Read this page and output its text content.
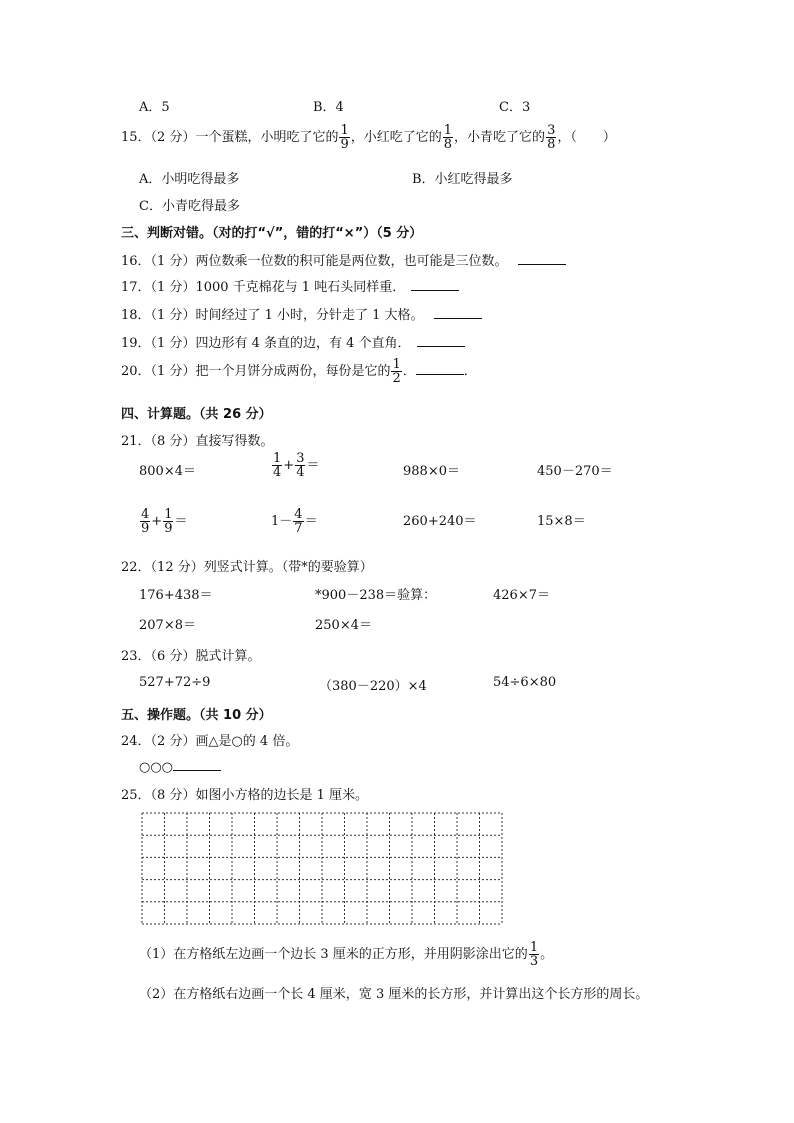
A．5	B．4	C．3
15．（2 分）一个蛋糕，小明吃了它的 $\frac{1}{9}$ ，小红吃了它的 $\frac{1}{8}$ ，小青吃了它的 $\frac{3}{8}$ ，（　　）
A．小明吃得最多	B．小红吃得最多
C．小青吃得最多
三、判断对错。（对的打“√”，错的打“×”）（5 分）
16．（1 分）两位数乘一位数的积可能是两位数，也可能是三位数。
17．（1 分）1000 千克棉花与 1 吨石头同样重．
18．（1 分）时间经过了 1 小时，分针走了 1 大格。
19．（1 分）四边形有 4 条直的边，有 4 个直角．
20．（1 分）把一个月饼分成两份，每份是它的 $\frac{1}{2}$ ．	．
四、计算题。（共 26 分）
21．（8 分）直接写得数。
800×4＝	$\frac{1}{4} + \frac{3}{4}$ ＝	988×0＝	450－270＝
$\frac{4}{9} + \frac{1}{9}$ ＝	$1- \frac{4}{7}$ ＝	260+240＝	15×8＝
22．（12 分）列竖式计算。（带*的要验算）
176+438＝	*900－238＝验算：	426×7＝
207×8＝	250×4＝
23．（6 分）脱式计算。
527+72÷9	（380－220）×4	54÷6×80
五、操作题。（共 10 分）
24．（2 分）画△是○的 4 倍。
○○○
25．（8 分）如图小方格的边长是 1 厘米。
（1）在方格纸左边画一个边长 3 厘米的正方形，并用阴影涂出它的 $\frac{1}{3}$ 。
（2）在方格纸右边画一个长 4 厘米，宽 3 厘米的长方形，并计算出这个长方形的周长。
